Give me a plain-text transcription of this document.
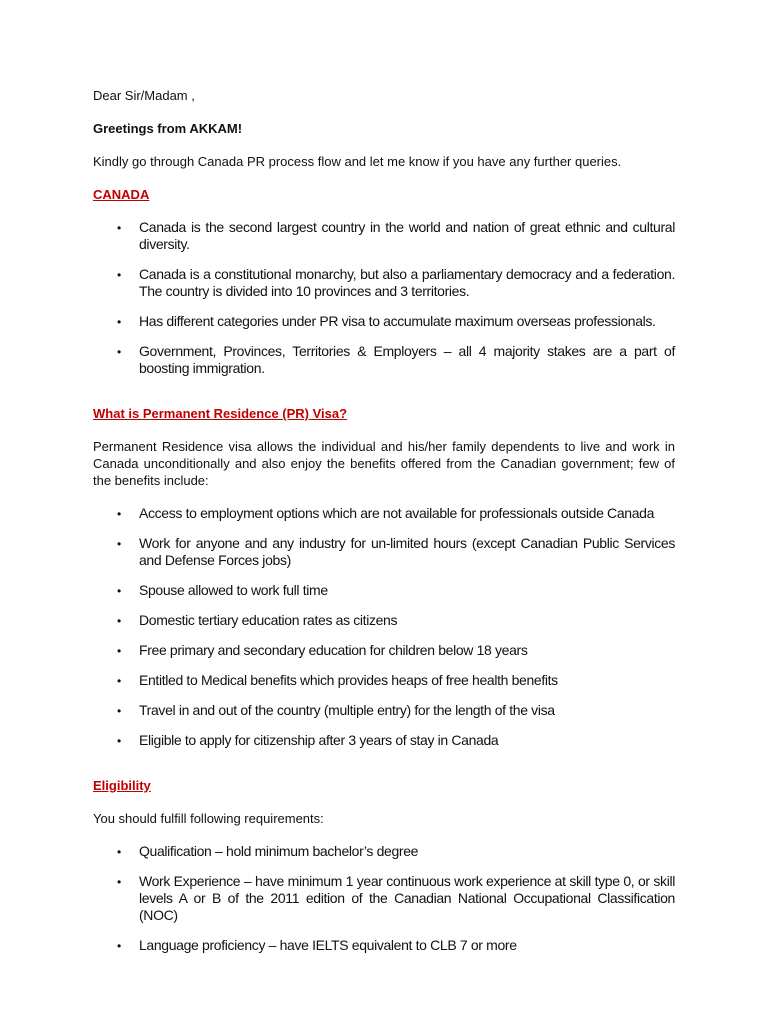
Dear Sir/Madam ,

Greetings from AKKAM!

Kindly go through Canada PR process flow and let me know if you have any further queries.

CANADA

• Canada is the second largest country in the world and nation of great ethnic and cultural diversity.
• Canada is a constitutional monarchy, but also a parliamentary democracy and a federation. The country is divided into 10 provinces and 3 territories.
• Has different categories under PR visa to accumulate maximum overseas professionals.
• Government, Provinces, Territories & Employers – all 4 majority stakes are a part of boosting immigration.

What is Permanent Residence (PR) Visa?

Permanent Residence visa allows the individual and his/her family dependents to live and work in Canada unconditionally and also enjoy the benefits offered from the Canadian government; few of the benefits include:

• Access to employment options which are not available for professionals outside Canada
• Work for anyone and any industry for un-limited hours (except Canadian Public Services and Defense Forces jobs)
• Spouse allowed to work full time
• Domestic tertiary education rates as citizens
• Free primary and secondary education for children below 18 years
• Entitled to Medical benefits which provides heaps of free health benefits
• Travel in and out of the country (multiple entry) for the length of the visa
• Eligible to apply for citizenship after 3 years of stay in Canada

Eligibility

You should fulfill following requirements:

• Qualification – hold minimum bachelor’s degree
• Work Experience – have minimum 1 year continuous work experience at skill type 0, or skill levels A or B of the 2011 edition of the Canadian National Occupational Classification (NOC)
• Language proficiency – have IELTS equivalent to CLB 7 or more
